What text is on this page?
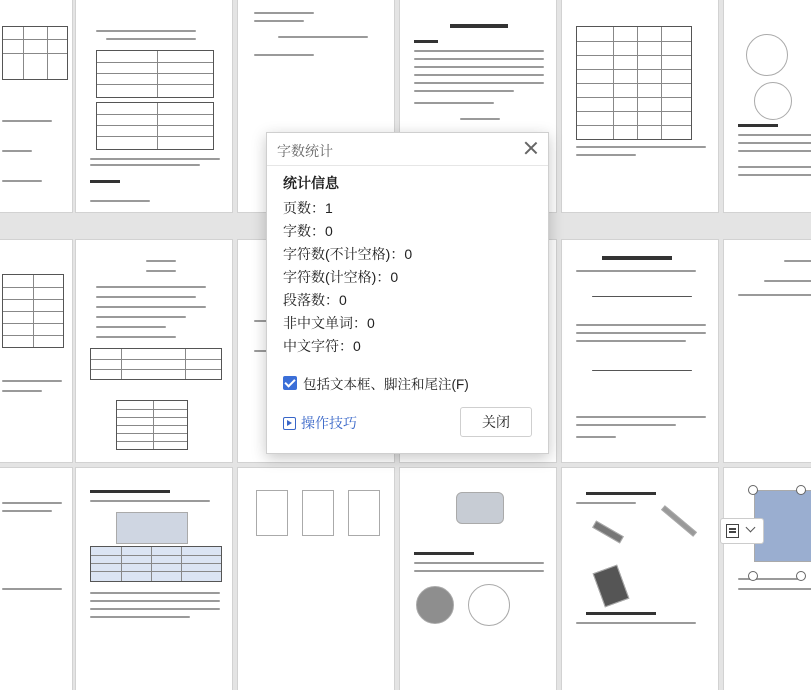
字数统计
统计信息
页数：1
字数：0
字符数(不计空格)：0
字符数(计空格)：0
段落数：0
非中文单词：0
中文字符：0
包括文本框、脚注和尾注(F)
操作技巧	关闭
